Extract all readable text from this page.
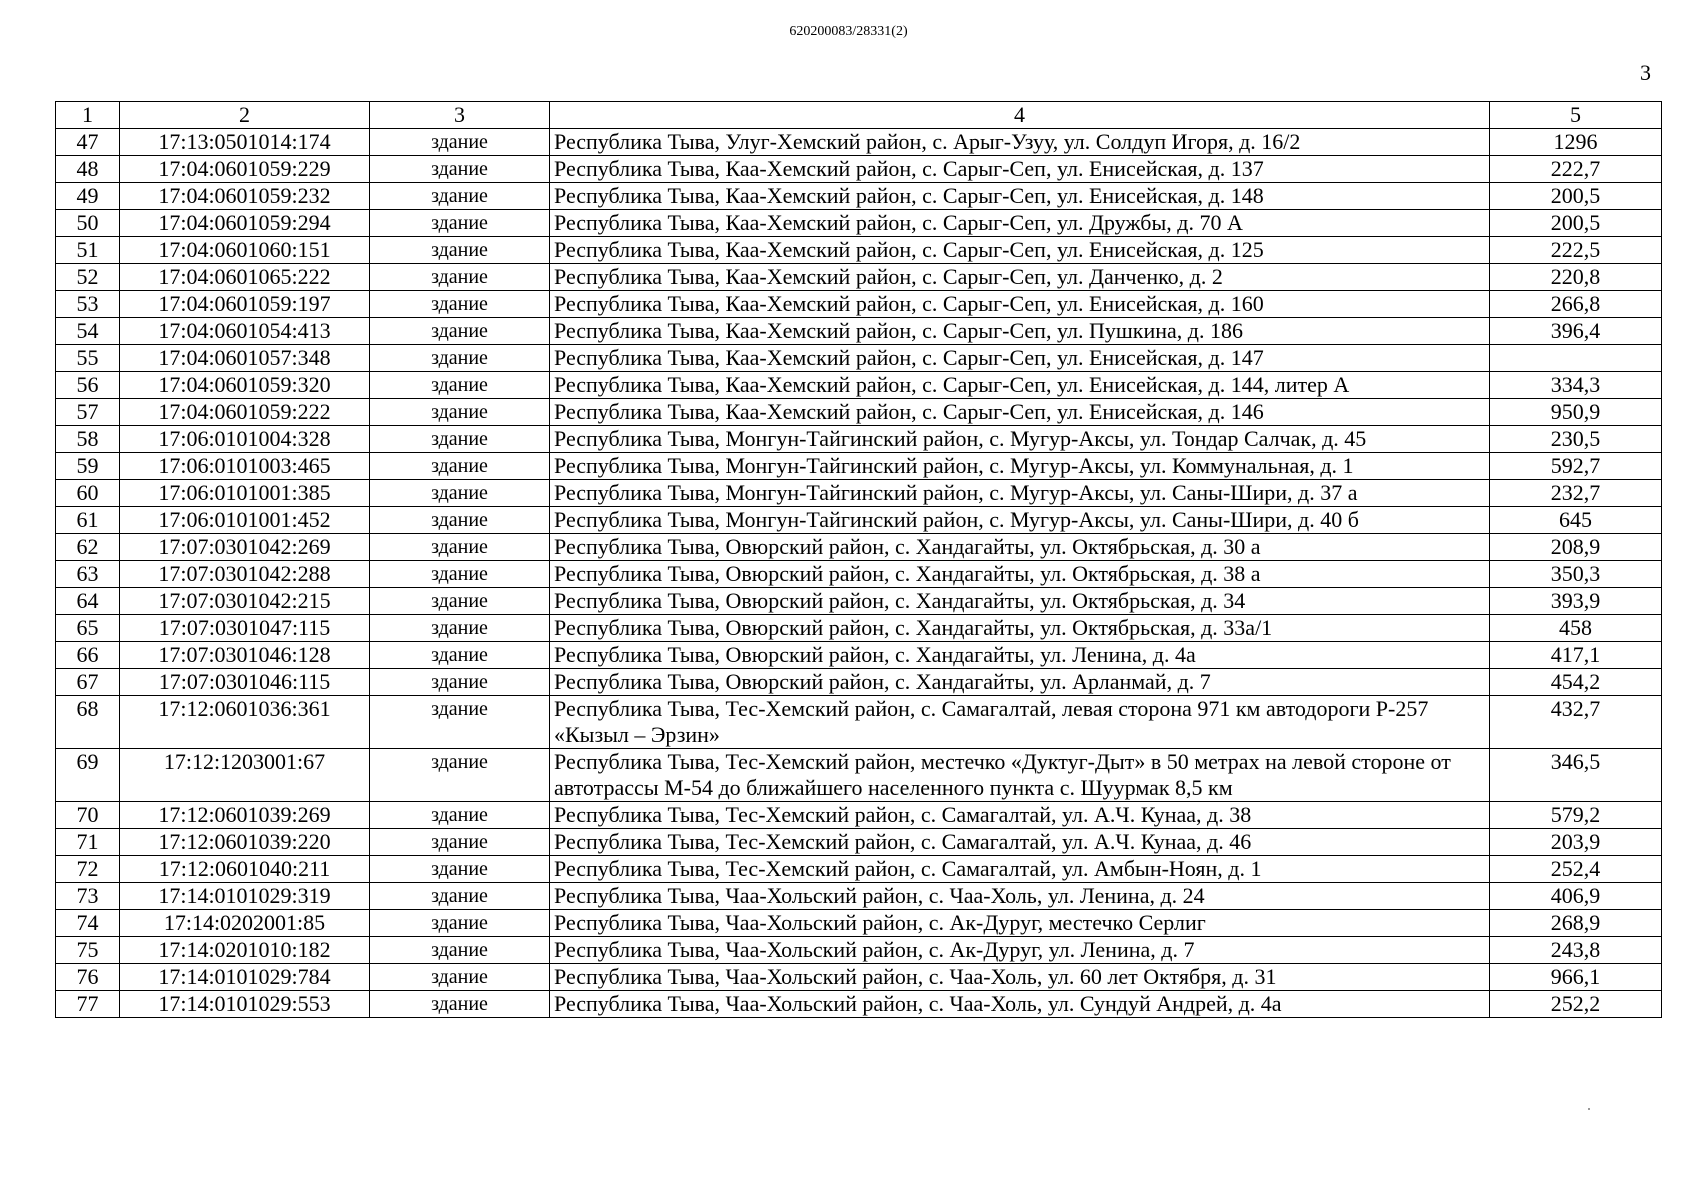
620200083/28331(2)
3
1	2	3	4	5
47	17:13:0501014:174	здание	Республика Тыва, Улуг-Хемский район, с. Арыг-Узуу, ул. Солдуп Игоря, д. 16/2	1296
48	17:04:0601059:229	здание	Республика Тыва, Каа-Хемский район, с. Сарыг-Сеп, ул. Енисейская, д. 137	222,7
49	17:04:0601059:232	здание	Республика Тыва, Каа-Хемский район, с. Сарыг-Сеп, ул. Енисейская, д. 148	200,5
50	17:04:0601059:294	здание	Республика Тыва, Каа-Хемский район, с. Сарыг-Сеп, ул. Дружбы, д. 70 А	200,5
51	17:04:0601060:151	здание	Республика Тыва, Каа-Хемский район, с. Сарыг-Сеп, ул. Енисейская, д. 125	222,5
52	17:04:0601065:222	здание	Республика Тыва, Каа-Хемский район, с. Сарыг-Сеп, ул. Данченко, д. 2	220,8
53	17:04:0601059:197	здание	Республика Тыва, Каа-Хемский район, с. Сарыг-Сеп, ул. Енисейская, д. 160	266,8
54	17:04:0601054:413	здание	Республика Тыва, Каа-Хемский район, с. Сарыг-Сеп, ул. Пушкина, д. 186	396,4
55	17:04:0601057:348	здание	Республика Тыва, Каа-Хемский район, с. Сарыг-Сеп, ул. Енисейская, д. 147	
56	17:04:0601059:320	здание	Республика Тыва, Каа-Хемский район, с. Сарыг-Сеп, ул. Енисейская, д. 144, литер А	334,3
57	17:04:0601059:222	здание	Республика Тыва, Каа-Хемский район, с. Сарыг-Сеп, ул. Енисейская, д. 146	950,9
58	17:06:0101004:328	здание	Республика Тыва, Монгун-Тайгинский район, с. Мугур-Аксы, ул. Тондар Салчак, д. 45	230,5
59	17:06:0101003:465	здание	Республика Тыва, Монгун-Тайгинский район, с. Мугур-Аксы, ул. Коммунальная, д. 1	592,7
60	17:06:0101001:385	здание	Республика Тыва, Монгун-Тайгинский район, с. Мугур-Аксы, ул. Саны-Шири, д. 37 а	232,7
61	17:06:0101001:452	здание	Республика Тыва, Монгун-Тайгинский район, с. Мугур-Аксы, ул. Саны-Шири, д. 40 б	645
62	17:07:0301042:269	здание	Республика Тыва, Овюрский район, с. Хандагайты, ул. Октябрьская, д. 30 а	208,9
63	17:07:0301042:288	здание	Республика Тыва, Овюрский район, с. Хандагайты, ул. Октябрьская, д. 38 а	350,3
64	17:07:0301042:215	здание	Республика Тыва, Овюрский район, с. Хандагайты, ул. Октябрьская, д. 34	393,9
65	17:07:0301047:115	здание	Республика Тыва, Овюрский район, с. Хандагайты, ул. Октябрьская, д. 33а/1	458
66	17:07:0301046:128	здание	Республика Тыва, Овюрский район, с. Хандагайты, ул. Ленина, д. 4а	417,1
67	17:07:0301046:115	здание	Республика Тыва, Овюрский район, с. Хандагайты, ул. Арланмай, д. 7	454,2
68	17:12:0601036:361	здание	Республика Тыва, Тес-Хемский район, с. Самагалтай, левая сторона 971 км автодороги Р-257 «Кызыл – Эрзин»	432,7
69	17:12:1203001:67	здание	Республика Тыва, Тес-Хемский район, местечко «Дуктуг-Дыт» в 50 метрах на левой стороне от автотрассы М-54 до ближайшего населенного пункта с. Шуурмак 8,5 км	346,5
70	17:12:0601039:269	здание	Республика Тыва, Тес-Хемский район, с. Самагалтай, ул. А.Ч. Кунаа, д. 38	579,2
71	17:12:0601039:220	здание	Республика Тыва, Тес-Хемский район, с. Самагалтай, ул. А.Ч. Кунаа, д. 46	203,9
72	17:12:0601040:211	здание	Республика Тыва, Тес-Хемский район, с. Самагалтай, ул. Амбын-Ноян, д. 1	252,4
73	17:14:0101029:319	здание	Республика Тыва, Чаа-Хольский район, с. Чаа-Холь, ул. Ленина, д. 24	406,9
74	17:14:0202001:85	здание	Республика Тыва, Чаа-Хольский район, с. Ак-Дуруг, местечко Серлиг	268,9
75	17:14:0201010:182	здание	Республика Тыва, Чаа-Хольский район, с. Ак-Дуруг, ул. Ленина, д. 7	243,8
76	17:14:0101029:784	здание	Республика Тыва, Чаа-Хольский район, с. Чаа-Холь, ул. 60 лет Октября, д. 31	966,1
77	17:14:0101029:553	здание	Республика Тыва, Чаа-Хольский район, с. Чаа-Холь, ул. Сундуй Андрей, д. 4а	252,2
